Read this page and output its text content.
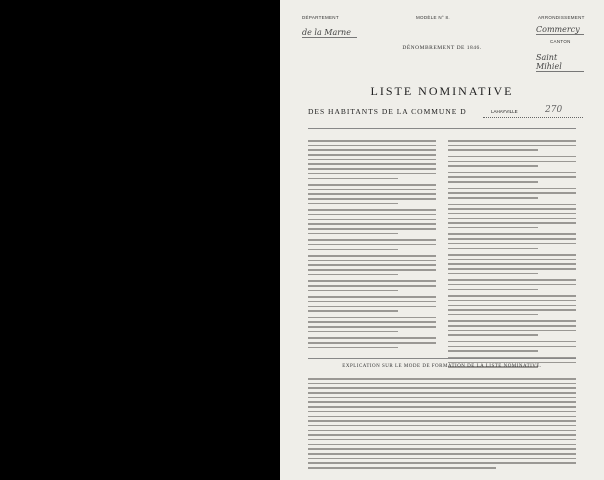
DÉPARTEMENT	MODÈLE N° 8.	ARRONDISSEMENT
de la Marne	Commercy
CANTON
Saint Mihiel
DÉNOMBREMENT DE 1846.
LISTE NOMINATIVE
DES HABITANTS DE LA COMMUNE D	LAHAYVILLE	270
EXPLICATION SUR LE MODE DE FORMATION DE LA LISTE NOMINATIVE.
